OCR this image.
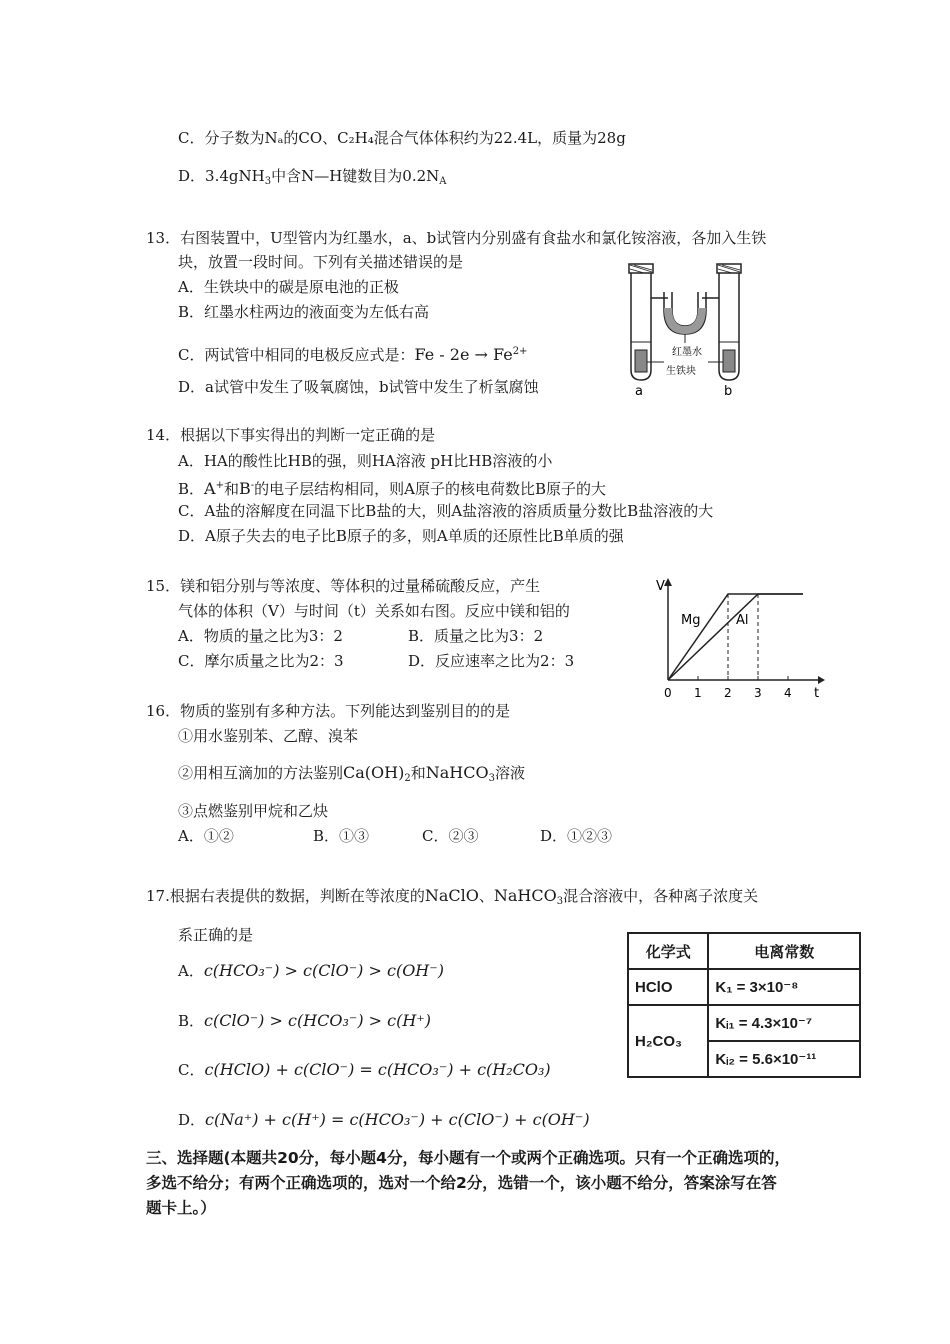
C．分子数为Nₐ的CO、C₂H₄混合气体体积约为22.4L，质量为28g
D．3.4gNH$_3$中含N—H键数目为$0.2N_A$
13．右图装置中，U型管内为红墨水，a、b试管内分别盛有食盐水和氯化铵溶液，各加入生铁
块，放置一段时间。下列有关描述错误的是
A．生铁块中的碳是原电池的正极
B．红墨水柱两边的液面变为左低右高
C．两试管中相同的电极反应式是：$Fe - 2e \to Fe^{2+}$
D．a试管中发生了吸氧腐蚀，b试管中发生了析氢腐蚀
红墨水
生铁块
a	b
14．根据以下事实得出的判断一定正确的是
A．HA的酸性比HB的强，则HA溶液 pH比HB溶液的小
B．A+和B-的电子层结构相同，则A原子的核电荷数比B原子的大
C．A盐的溶解度在同温下比B盐的大，则A盐溶液的溶质质量分数比B盐溶液的大
D．A原子失去的电子比B原子的多，则A单质的还原性比B单质的强
15．镁和铝分别与等浓度、等体积的过量稀硫酸反应，产生
气体的体积（V）与时间（t）关系如右图。反应中镁和铝的
A．物质的量之比为3：2	B．质量之比为3：2
C．摩尔质量之比为2：3	D．反应速率之比为2：3
V
t
0 1 2 3 4
Mg	Al
16．物质的鉴别有多种方法。下列能达到鉴别目的的是
①用水鉴别苯、乙醇、溴苯
②用相互滴加的方法鉴别$Ca(OH)_2$和NaHCO$_3$溶液
③点燃鉴别甲烷和乙炔
A．①②	B．①③	C．②③	D．①②③
17.根据右表提供的数据，判断在等浓度的NaClO、NaHCO$_3$混合溶液中，各种离子浓度关
系正确的是
A．c(HCO₃⁻) > c(ClO⁻) > c(OH⁻)
B．c(ClO⁻) > c(HCO₃⁻) > c(H⁺)
C．c(HClO) + c(ClO⁻) = c(HCO₃⁻) + c(H₂CO₃)
D．c(Na⁺) + c(H⁺) = c(HCO₃⁻) + c(ClO⁻) + c(OH⁻)
化学式	电离常数
HClO	K₁ = 3×10⁻⁸
H₂CO₃	Kᵢ₁ = 4.3×10⁻⁷
	Kᵢ₂ = 5.6×10⁻¹¹
三、选择题(本题共20分，每小题4分，每小题有一个或两个正确选项。只有一个正确选项的，
多选不给分；有两个正确选项的，选对一个给2分，选错一个，该小题不给分，答案涂写在答
题卡上。）
